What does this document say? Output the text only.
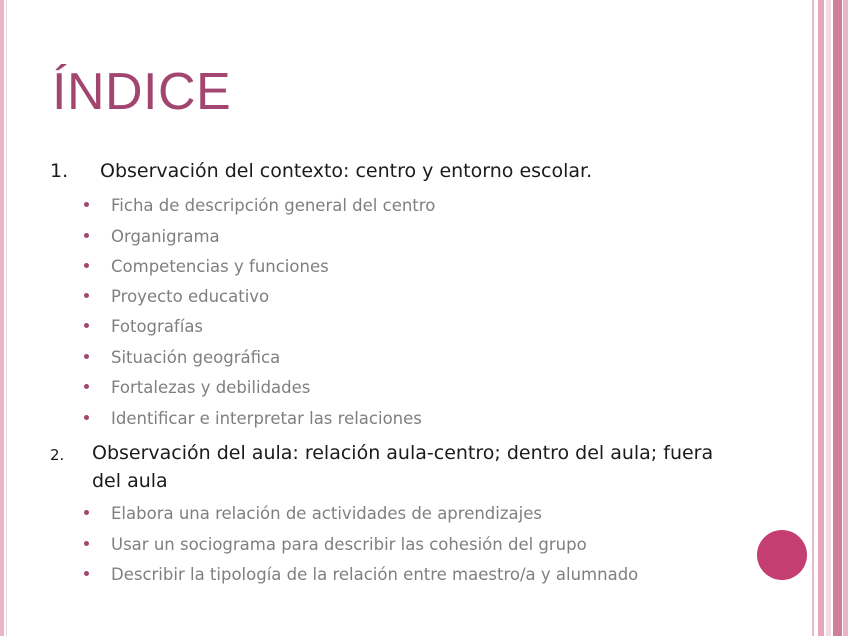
ÍNDICE
1. Observación del contexto: centro y entorno escolar.
Ficha de descripción general del centro
Organigrama
Competencias y funciones
Proyecto educativo
Fotografías
Situación geográfica
Fortalezas y debilidades
Identificar e interpretar las relaciones
2. Observación del aula: relación aula-centro; dentro del aula; fuera
del aula
Elabora una relación de actividades de aprendizajes
Usar un sociograma para describir las cohesión del grupo
Describir la tipología de la relación entre maestro/a y alumnado
